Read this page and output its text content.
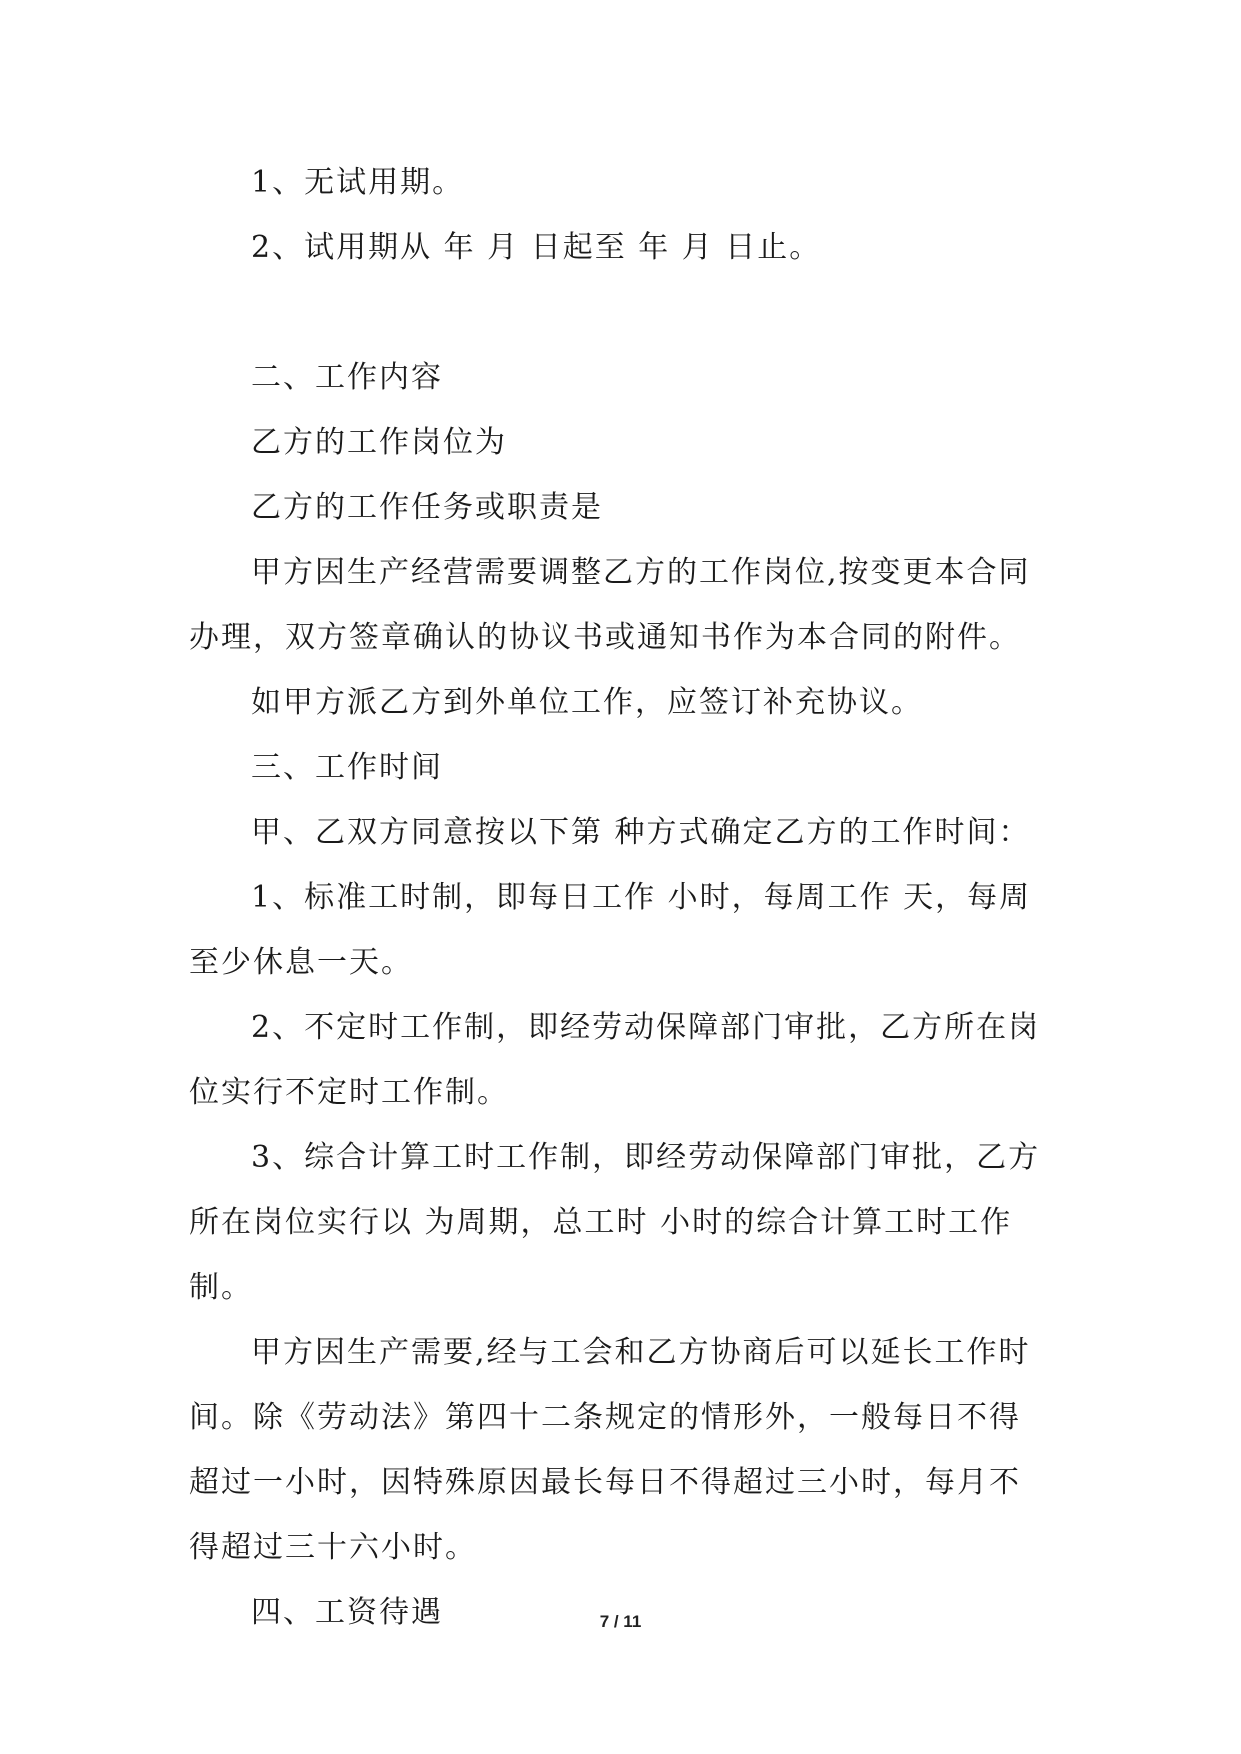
1、无试用期。

2、试用期从 年 月 日起至 年 月 日止。

二、工作内容

乙方的工作岗位为

乙方的工作任务或职责是

甲方因生产经营需要调整乙方的工作岗位,按变更本合同办理，双方签章确认的协议书或通知书作为本合同的附件。

如甲方派乙方到外单位工作，应签订补充协议。

三、工作时间

甲、乙双方同意按以下第 种方式确定乙方的工作时间：

1、标准工时制，即每日工作 小时，每周工作 天，每周至少休息一天。

2、不定时工作制，即经劳动保障部门审批，乙方所在岗位实行不定时工作制。

3、综合计算工时工作制，即经劳动保障部门审批，乙方所在岗位实行以 为周期，总工时 小时的综合计算工时工作制。

甲方因生产需要,经与工会和乙方协商后可以延长工作时间。除《劳动法》第四十二条规定的情形外，一般每日不得超过一小时，因特殊原因最长每日不得超过三小时，每月不得超过三十六小时。

四、工资待遇	7 / 11
